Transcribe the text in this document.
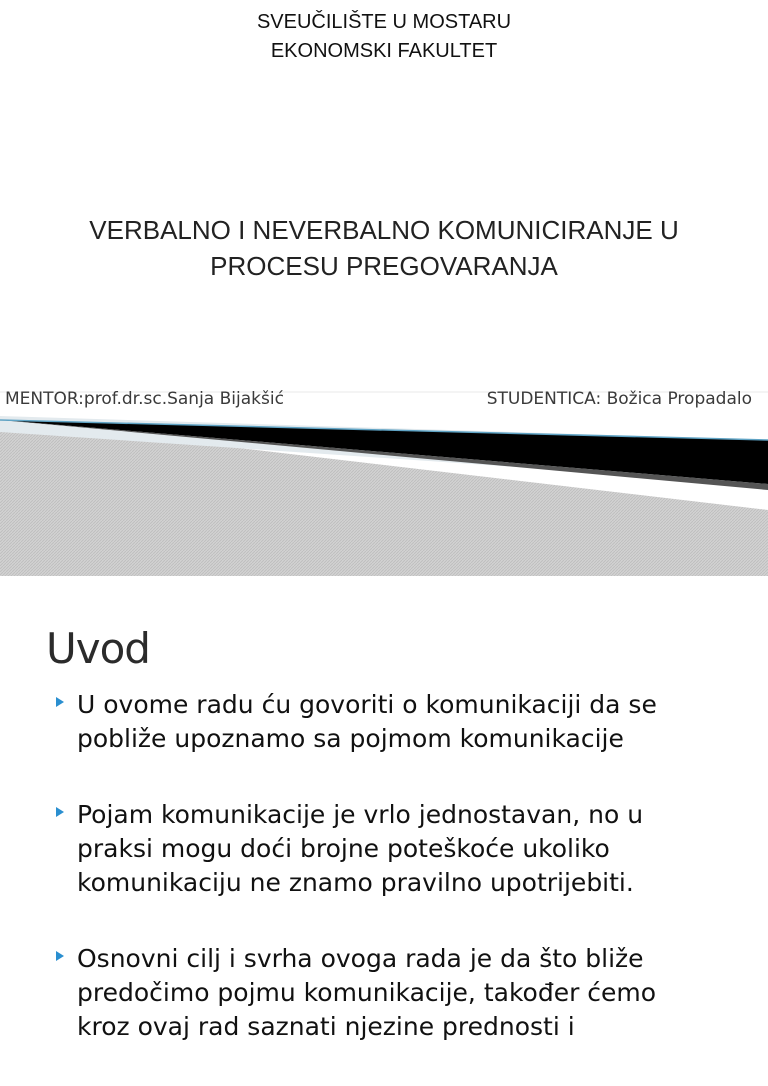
SVEUČILIŠTE U MOSTARU
EKONOMSKI FAKULTET
VERBALNO I NEVERBALNO KOMUNICIRANJE U
PROCESU PREGOVARANJA
MENTOR:prof.dr.sc.Sanja Bijakšić	STUDENTICA: Božica Propadalo
Uvod
U ovome radu ću govoriti o komunikaciji da se
pobliže upoznamo sa pojmom komunikacije
Pojam komunikacije je vrlo jednostavan, no u
praksi mogu doći brojne poteškoće ukoliko
komunikaciju ne znamo pravilno upotrijebiti.
Osnovni cilj i svrha ovoga rada je da što bliže
predočimo pojmu komunikacije, također ćemo
kroz ovaj rad saznati njezine prednosti i
